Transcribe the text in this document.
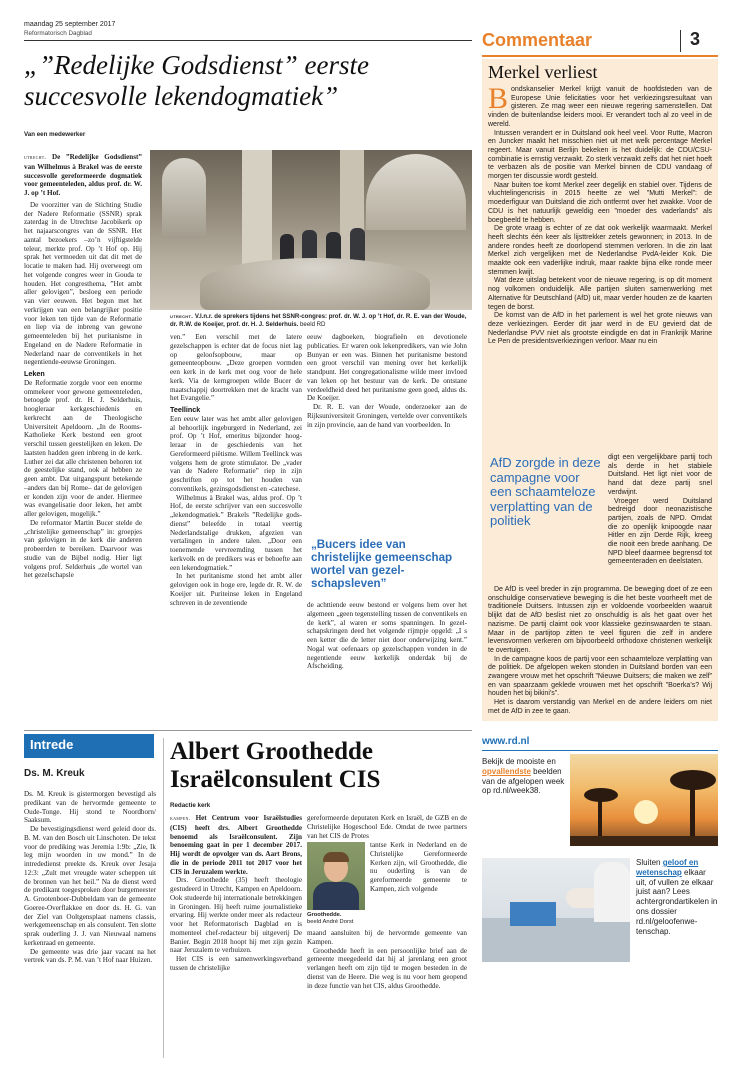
maandag 25 september 2017
Reformatorisch Dagblad	Commentaar	3
„”Redelijke Godsdienst” eerste
succesvolle lekendogmatiek”
Van een medewerker

utrecht. De ”Redelijke Godsdienst” van Wilhelmus à Brakel was de eerste succesvolle gereformeerde dogmatiek voor gemeenteleden, aldus prof. dr. W. J. op ’t Hof.

De voorzitter van de Stichting Studie der Nadere Reformatie (SSNR) sprak zaterdag in de Utrechtse Jacobikerk op het najaarscongres van de SSNR. Het aantal bezoekers –zo’n vijftigstelde teleur, merkte prof. Op ’t Hof op. Hij sprak het vermoeden uit dat dit met de locatie te maken had. Hij overweegt om het volgende congres weer in Gouda te houden. Het congresthema, ”Het ambt aller gelovigen”, besloeg een periode van vier eeuwen. Het begon met het verkrijgen van een belangrijker positie voor leken ten tijde van de Reformatie en liep via de inbreng van gewone gemeenteleden bij het puritanisme in Engeland en de Nadere Reformatie in Nederland naar de conventikels in het negentiende-eeuwse Groningen.

Leken

De Reformatie zorgde voor een enorme ommekeer voor gewone gemeenteleden, betoogde prof. dr. H. J. Selderhuis, hoogleraar kerkgeschiedenis en kerkrecht aan de Theologische Universiteit Apeldoorn. „In de Rooms-Katholieke Kerk bestond een groot verschil tussen geestelijken en leken. De laatsten hadden geen inbreng in de kerk. Luther zei dat alle christenen behoren tot de geestelijke stand, ook al hebben ze geen ambt. Dat uitgangspunt betekende –anders dan bij Rome– dat de gelovigen er konden zijn voor de ander. Hiermee was evangelisatie door leken, het ambt aller gelovigen, mogelijk.”

De reformator Martin Bucer stelde de „christelijke gemeenschap” in: groepjes van gelovigen in de kerk die anderen probeerden te bereiken. Daarvoor was studie van de Bijbel nodig. Hier ligt volgens prof. Selderhuis „de wortel van het gezelschapsle

utrecht. V.l.n.r. de sprekers tijdens het SSNR-congres: prof. dr. W. J. op ’t Hof, dr. R. E. van der Woude, dr. R.W. de Koeijer, prof. dr. H. J. Selderhuis. beeld RD

ven.” Een verschil met de latere gezelschappen is echter dat de focus niet lag op geloofsopbouw, maar op gemeenteopbouw. „Deze groepen vormden een kerk in de kerk met oog voor de hele kerk. Via de kerngroepen wilde Bucer de maatschappij doortrekken met de kracht van het Evangelie.”

Teellinck

Een eeuw later was het ambt aller gelovigen al behoorlijk ingeburgerd in Nederland, zei prof. Op ’t Hof, emeritus bijzonder hoogleraar in de geschiedenis van het Gereformeerd piëtisme. Willem Teellinck was volgens hem de grote stimulator. De „vader van de Nadere Reformatie” riep in zijn geschriften op tot het houden van conventikels, gezinsgodsdienst en -catechese.

Wilhelmus à Brakel was, aldus prof. Op ’t Hof, de eerste schrijver van een succesvolle „lekendogmatiek.” Brakels ”Redelijke godsdienst” beleefde in totaal veertig Nederlandstalige drukken, afgezien van vertalingen in andere talen. „Door een toenemende vervreemding tussen het kerkvolk en de predikers was er behoefte aan een lekendogmatiek.”

In het puritanisme stond het ambt aller gelovigen ook in hoge ere, legde dr. R. W. de Koeijer uit. Puriteinse leken in Engeland schreven in de zeventiende

eeuw dagboeken, biografieën en devotionele publicaties. Er waren ook lekenpredikers, van wie John Bunyan er een was. Binnen het puritanisme bestond een groot verschil van mening over het kerkelijk standpunt. Het congregationalisme wilde meer invloed van leken op het bestuur van de kerk. De ontstane verdeeldheid deed het puritanisme geen goed, aldus ds. De Koeijer.

Dr. R. E. van der Woude, onderzoeker aan de Rijksuniversiteit Groningen, vertelde over conventikels in zijn provincie, aan de hand van voorbeelden. In

„Bucers idee van christelijke gemeenschap wortel van gezelschapsleven”

de achttiende eeuw bestond er volgens hem over het algemeen „geen tegenstelling tussen de conventikels en de kerk”, al waren er soms spanningen. In gezelschapskringen deed het volgende rijmpje opgeld: „I s een ketter die de letter niet door onderwijzing kent.” Nogal wat oefenaars op gezelschappen vonden in de negentiende eeuw kerkelijk onderdak bij de Afscheiding.

Merkel verliest

B ondskanselier Merkel krijgt vanuit de hoofdsteden van de Europese Unie felicitaties voor het verkiezingsresultaat van gisteren. Ze mag weer een nieuwe regering samenstellen. Dat vinden de buitenlandse leiders mooi. Er verandert toch al zo veel in de wereld.

Intussen verandert er in Duitsland ook heel veel. Voor Rutte, Macron en Juncker maakt het misschien niet uit met welk percentage Merkel regeert. Maar vanuit Berlijn bekeken is het duidelijk: de CDU/CSU-combinatie is ernstig verzwakt. Zo sterk verzwakt zelfs dat het niet hoeft te verbazen als de positie van Merkel binnen de CDU vandaag of morgen ter discussie wordt gesteld.

Naar buiten toe komt Merkel zeer degelijk en stabiel over. Tijdens de vluchtelingencrisis in 2015 heette ze wel ”Mutti Merkel”: de moederfiguur van Duitsland die zich ontfermt over het zwakke. Voor de CDU is het natuurlijk geweldig een ”moeder des vaderlands” als boegbeeld te hebben.

De grote vraag is echter of ze dat ook werkelijk waarmaakt. Merkel heeft slechts één keer als lijsttrekker zetels gewonnen; in 2013. In de andere rondes heeft ze doorlopend stemmen verloren. In die zin laat Merkel zich vergelijken met de Nederlandse PvdA-leider Kok. Die maakte ook een vaderlijke indruk, maar raakte bijna elke ronde meer stemmen kwijt.

Wat deze uitslag betekent voor de nieuwe regering, is op dit moment nog volkomen onduidelijk. Alle partijen sluiten samenwerking met Alternative für Deutschland (AfD) uit, maar verder houden ze de kaarten tegen de borst.

De komst van de AfD in het parlement is wel het grote nieuws van deze verkiezingen. Eerder dit jaar werd in de EU gevierd dat de Nederlandse PVV niet als grootste eindigde en dat in Frankrijk Marine Le Pen de presidentsverkiezingen verloor. Maar nu ein

AfD zorgde in deze campagne voor een schaamteloze verplatting van de politiek

digt een vergelijkbare partij toch als derde in het stabiele Duitsland. Het ligt niet voor de hand dat deze partij snel verdwijnt.

Vroeger werd Duitsland bedreigd door neonazistische partijen, zoals de NPD. Omdat die zo openlijk knipoogde naar Hitler en zijn Derde Rijk, kreeg die nooit een brede aanhang. De NPD bleef daarmee begrensd tot gemeenteraden en deelstaten.

De AfD is veel breder in zijn programma. De beweging doet of ze een onschuldige conservatieve beweging is die het beste voorheeft met de traditionele Duitsers. Intussen zijn er voldoende voorbeelden waaruit blijkt dat de AfD beslist niet zo onschuldig is als het gaat over het nazisme. De partij claimt ook voor klassieke gezinswaarden te staan. Maar in de partijtop zitten te veel figuren die zelf in andere levensvormen verkeren om bijvoorbeeld orthodoxe christenen werkelijk te overtuigen.

In de campagne koos de partij voor een schaamteloze verplatting van de politiek. De afgelopen weken stonden in Duitsland borden van een zwangere vrouw met het opschrift ”Nieuwe Duitsers; die maken we zelf” en van spaarzaam geklede vrouwen met het opschrift ”Boerka’s? Wij houden het bij bikini’s”.

Het is daarom verstandig van Merkel en de andere leiders om niet met de AfD in zee te gaan.

Intrede
Ds. M. Kreuk

Ds. M. Kreuk is gistermorgen bevestigd als predikant van de hervormde gemeente te Oude-Tonge. Hij stond te Noordhorn/ Saaksum.

De bevestigingsdienst werd geleid door ds. B. M. van den Bosch uit Linschoten. De tekst voor de prediking was Jeremia 1:9b: „Zie, Ik leg mijn woorden in uw mond.” In de intrededienst preekte ds. Kreuk over Jesaja 12:3: „Zult met vreugde water scheppen uit de bronnen van het heil.” Na de dienst werd de predikant toegesproken door burgemeester A. Grootenboer-Dubbeldam van de gemeente Goeree-Overflakkee en door ds. H. G. van der Ziel van Ooltgensplaat namens classis, werkgemeenschap en als consulent. Ten slotte sprak ouderling J. J. van Nieuwaal namens kerkenraad en gemeente.

De gemeente was drie jaar vacant na het vertrek van ds. P. M. van ’t Hof naar Huizen.

Albert Groothedde
Israëlconsulent CIS
Redactie kerk

kampen. Het Centrum voor Israëlstudies (CIS) heeft drs. Albert Groothedde benoemd als Israëlconsulent. Zijn benoeming gaat in per 1 december 2017. Hij wordt de opvolger van ds. Aart Brons, die in de periode 2011 tot 2017 voor het CIS in Jeruzalem werkte.

Drs. Groothedde (35) heeft theologie gestudeerd in Utrecht, Kampen en Apeldoorn. Ook studeerde hij internationale betrekkingen in Groningen. Hij heeft ruime journalistieke ervaring. Hij werkte onder meer als redacteur voor het Reformatorisch Dagblad en is momenteel chef-redacteur bij uitgeverij De Banier. Begin 2018 hoopt hij met zijn gezin naar Jeruzalem te verhuizen.

Het CIS is een samenwerkingsverband tussen de christelijke

gereformeerde deputaten Kerk en Israël, de GZB en de Christelijke Hogeschool Ede. Omdat de twee partners van het CIS de Protes

Groothedde.
beeld André Dorst

tantse Kerk in Nederland en de Christelijke Gereformeerde Kerken zijn, wil Groothedde, die nu ouderling is van de gereformeerde gemeente te Kampen, zich volgende

maand aansluiten bij de hervormde gemeente van Kampen.

Groothedde heeft in een persoonlijke brief aan de gemeente meegedeeld dat hij al jarenlang een groot verlangen heeft om zijn tijd te mogen besteden in de dienst van de Heere. Die weg is nu voor hem geopend in deze functie van het CIS, aldus Groothedde.

www.rd.nl
Bekijk de mooiste en opvallendste beelden van de afgelopen week op rd.nl/week38.
Sluiten geloof en wetenschap elkaar uit, of vullen ze elkaar juist aan? Lees achtergrondartikelen in ons dossier rd.nl/geloofenwetenschap.
